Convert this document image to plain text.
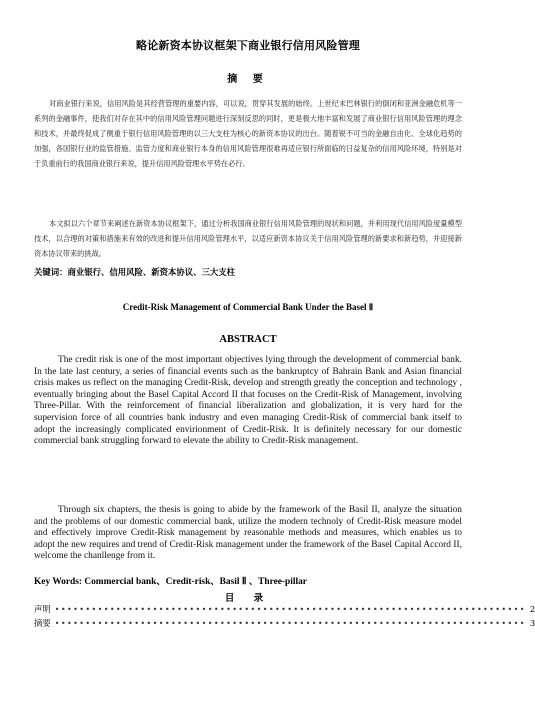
略论新资本协议框架下商业银行信用风险管理
摘 要
对商业银行来说，信用风险是其经营管理的重要内容，可以说，贯穿其发展的始终。上世纪末巴林银行的倒闭和亚洲金融危机等一系列的金融事件，使我们对存在其中的信用风险管理问题进行深刻反思的同时，更是极大地丰富和发展了商业银行信用风险管理的理念和技术，并最终促成了侧重于银行信用风险管理的以三大支柱为核心的新资本协议的出台。随着锐不可当的金融自由化、全球化趋势的加强，各国银行业的监管措施、监管力度和商业银行本身的信用风险管理很难再适应银行所面临的日益复杂的信用风险环境，特别是对于负重前行的我国商业银行来说，提升信用风险管理水平势在必行。
本文拟以六个章节来阐述在新资本协议框架下，通过分析我国商业银行信用风险管理的现状和问题，并利用现代信用风险度量模型技术，以合理的对策和措施来有效的改进和提升信用风险管理水平，以适应新资本协议关于信用风险管理的新要求和新趋势，并迎接新资本协议带来的挑战。
关键词：商业银行、信用风险、新资本协议、三大支柱
Credit-Risk Management of Commercial Bank Under the Basel Ⅱ
ABSTRACT
The credit risk is one of the most important objectives lying through the development of commercial bank. In the late last century, a series of financial events such as the bankruptcy of Bahrain Bank and Asian financial crisis makes us reflect on the managing Credit-Risk, develop and strength greatly the conception and technology , eventually bringing about the Basel Capital Accord II that focuses on the Credit-Risk of Management, involving Three-Pillar. With the reinforcement of financial liberalization and globalization, it is very hard for the supervision force of all countries bank industry and even managing Credit-Risk of commercial bank itself to adopt the increasingly complicated envirionment of Credit-Risk. It is definitely necessary for our domestic commercial bank struggling forward to elevate the ability to Credit-Risk management.
Through six chapters, the thesis is going to abide by the framework of the Basil II, analyze the situation and the problems of our domestic commercial bank, utilize the modern technoly of Credit-Risk measure model and effectively improve Credit-Risk management by reasonable methods and measures, which enables us to adopt the new requires and trend of Credit-Risk management under the framework of the Basel Capital Accord II, welcome the chanllenge from it.
Key Words: Commercial bank、Credit-risk、Basil Ⅱ 、Three-pillar
目 录
声明 ••••••••••••••••••••••••••••••••••••••••••••••••••••••••••••••••••••••••••••• 2
摘要 ••••••••••••••••••••••••••••••••••••••••••••••••••••••••••••••••••••••••••••• 3
